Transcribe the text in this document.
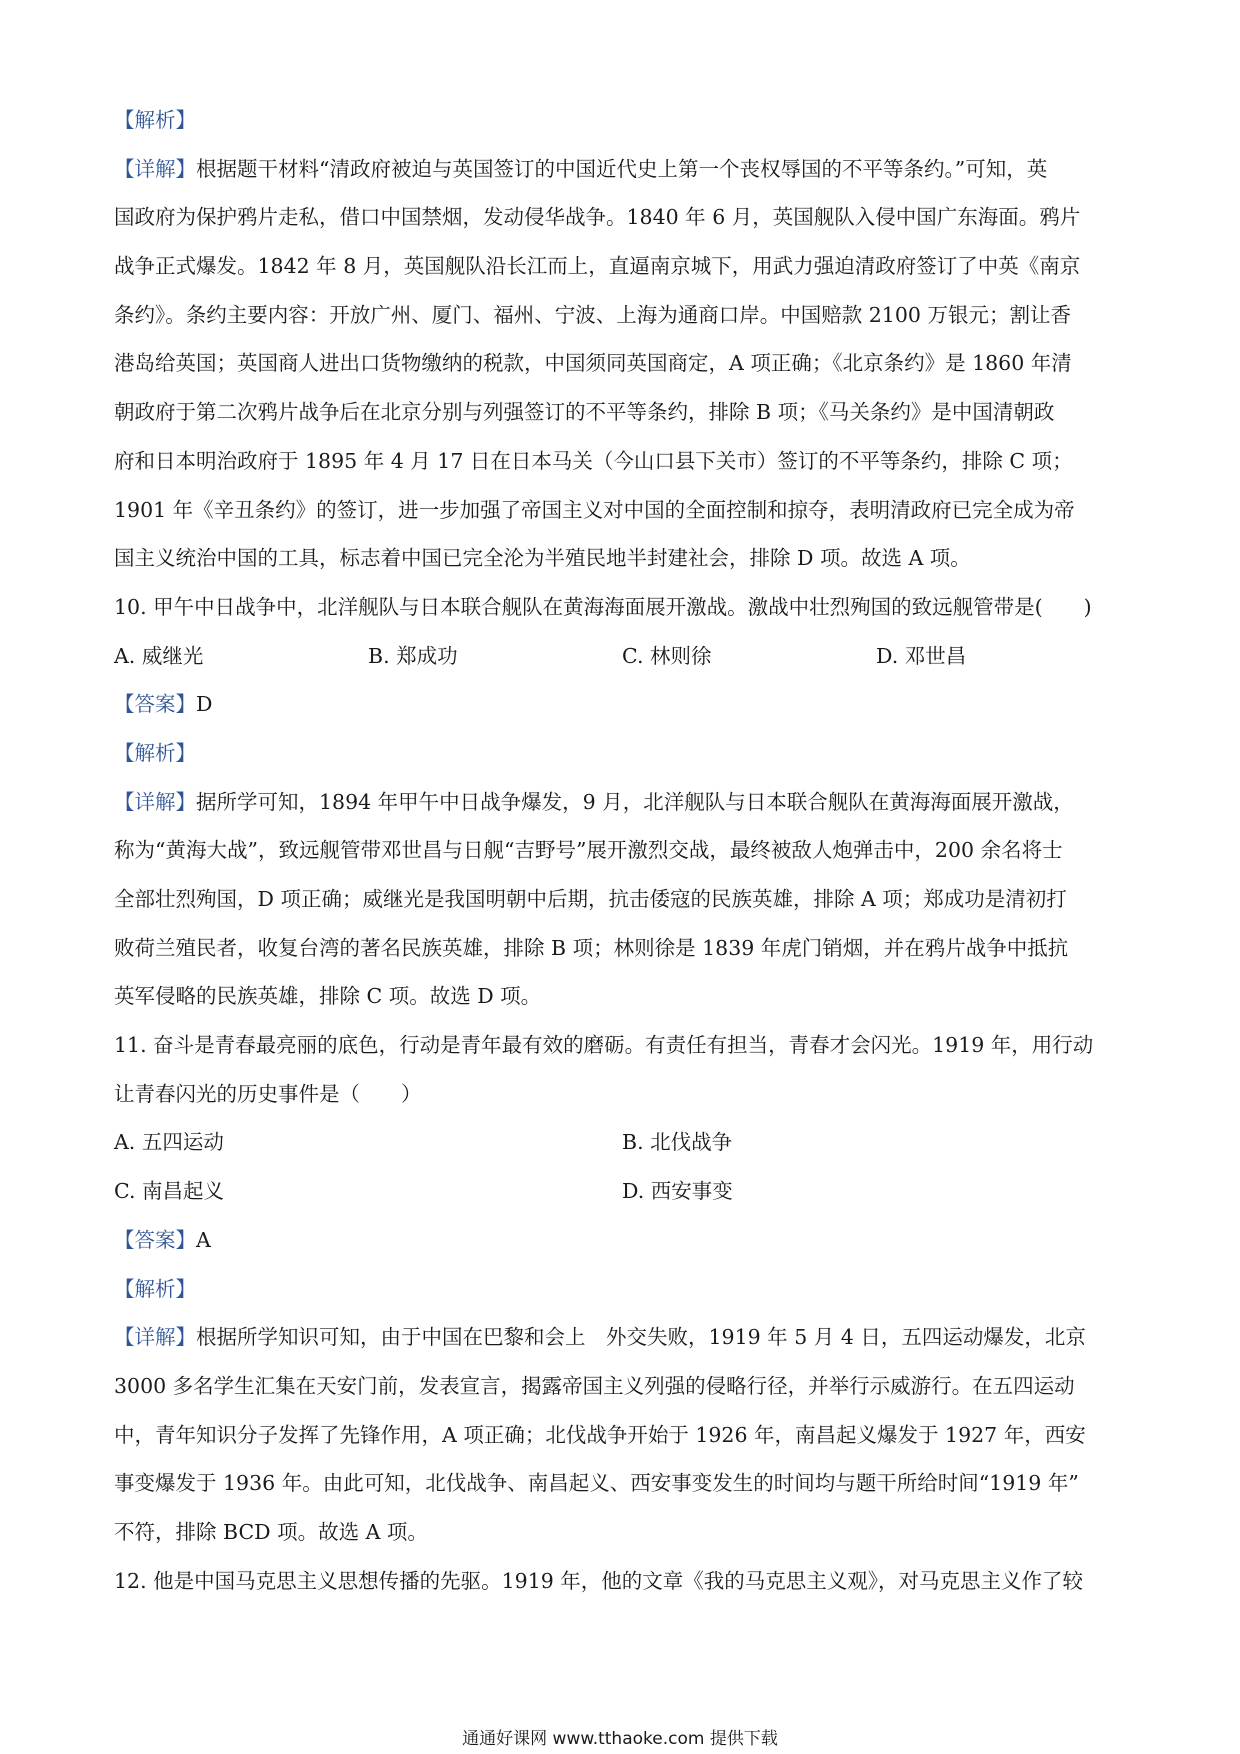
【解析】
【详解】根据题干材料“清政府被迫与英国签订的中国近代史上第一个丧权辱国的不平等条约。”可知，英
国政府为保护鸦片走私，借口中国禁烟，发动侵华战争。1840 年 6 月，英国舰队入侵中国广东海面。鸦片
战争正式爆发。1842 年 8 月，英国舰队沿长江而上，直逼南京城下，用武力强迫清政府签订了中英《南京
条约》。条约主要内容：开放广州、厦门、福州、宁波、上海为通商口岸。中国赔款 2100 万银元；割让香
港岛给英国；英国商人进出口货物缴纳的税款，中国须同英国商定，A 项正确；《北京条约》是 1860 年清
朝政府于第二次鸦片战争后在北京分别与列强签订的不平等条约，排除 B 项；《马关条约》是中国清朝政
府和日本明治政府于 1895 年 4 月 17 日在日本马关（今山口县下关市）签订的不平等条约，排除 C 项；
1901 年《辛丑条约》的签订，进一步加强了帝国主义对中国的全面控制和掠夺，表明清政府已完全成为帝
国主义统治中国的工具，标志着中国已完全沦为半殖民地半封建社会，排除 D 项。故选 A 项。
10. 甲午中日战争中，北洋舰队与日本联合舰队在黄海海面展开激战。激战中壮烈殉国的致远舰管带是(　　)
A. 威继光	B. 郑成功	C. 林则徐	D. 邓世昌
【答案】D
【解析】
【详解】据所学可知，1894 年甲午中日战争爆发，9 月，北洋舰队与日本联合舰队在黄海海面展开激战，
称为“黄海大战”，致远舰管带邓世昌与日舰“吉野号”展开激烈交战，最终被敌人炮弹击中，200 余名将士
全部壮烈殉国，D 项正确；威继光是我国明朝中后期，抗击倭寇的民族英雄，排除 A 项；郑成功是清初打
败荷兰殖民者，收复台湾的著名民族英雄，排除 B 项；林则徐是 1839 年虎门销烟，并在鸦片战争中抵抗
英军侵略的民族英雄，排除 C 项。故选 D 项。
11. 奋斗是青春最亮丽的底色，行动是青年最有效的磨砺。有责任有担当，青春才会闪光。1919 年，用行动
让青春闪光的历史事件是（　　）
A. 五四运动	B. 北伐战争
C. 南昌起义	D. 西安事变
【答案】A
【解析】
【详解】根据所学知识可知，由于中国在巴黎和会上　外交失败，1919 年 5 月 4 日，五四运动爆发，北京
3000 多名学生汇集在天安门前，发表宣言，揭露帝国主义列强的侵略行径，并举行示威游行。在五四运动
中，青年知识分子发挥了先锋作用，A 项正确；北伐战争开始于 1926 年，南昌起义爆发于 1927 年，西安
事变爆发于 1936 年。由此可知，北伐战争、南昌起义、西安事变发生的时间均与题干所给时间“1919 年”
不符，排除 BCD 项。故选 A 项。
12. 他是中国马克思主义思想传播的先驱。1919 年，他的文章《我的马克思主义观》，对马克思主义作了较
通通好课网 www.tthaoke.com 提供下载
